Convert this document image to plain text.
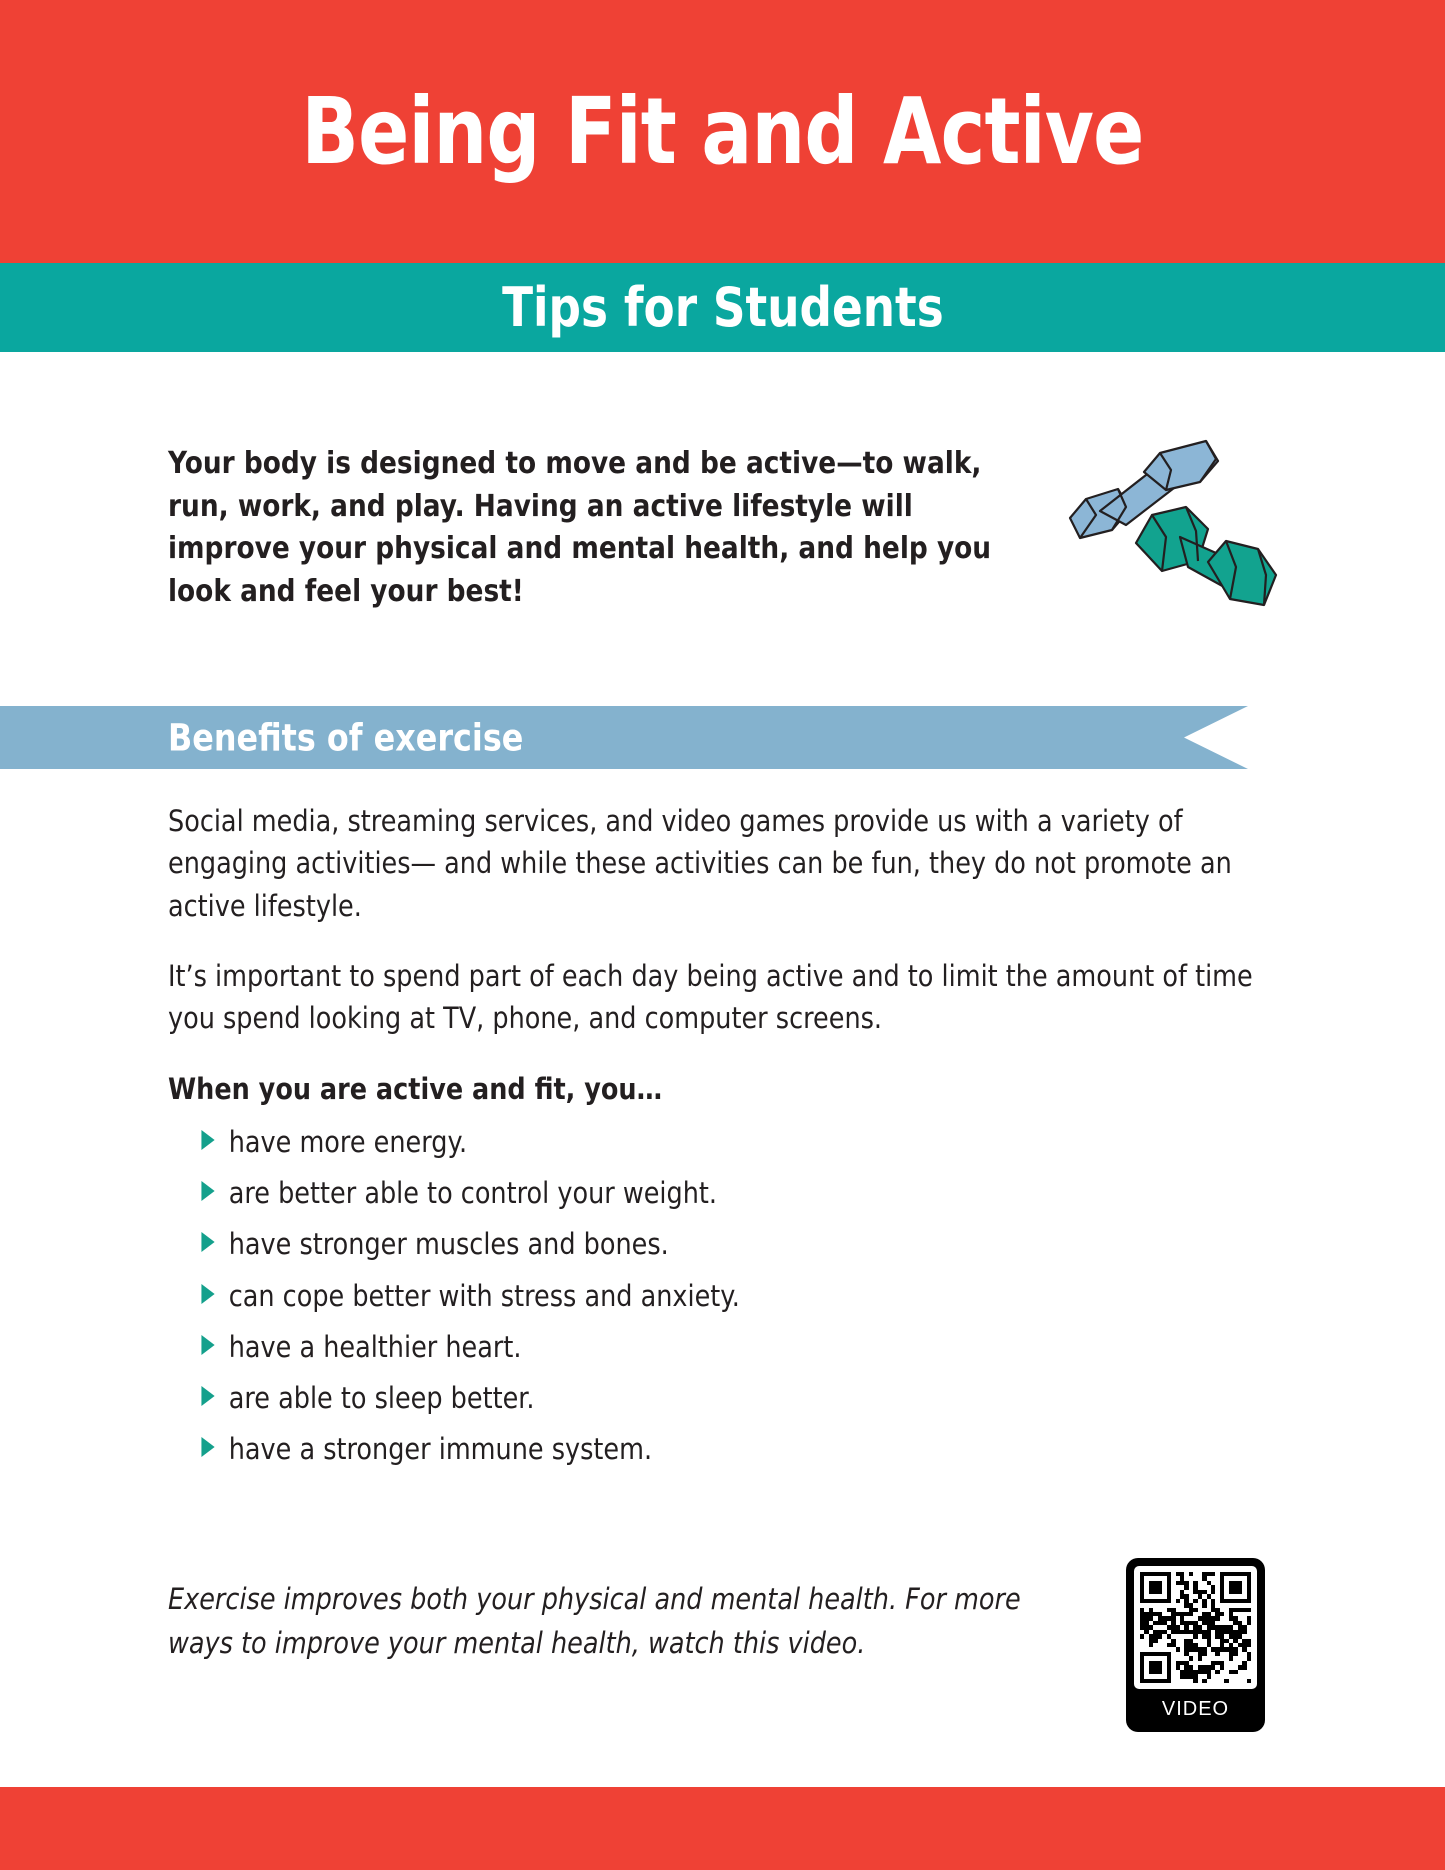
Being Fit and Active
Tips for Students
Your body is designed to move and be active—to walk, run, work, and play. Having an active lifestyle will improve your physical and mental health, and help you look and feel your best!
Benefits of exercise

Social media, streaming services, and video games provide us with a variety of engaging activities— and while these activities can be fun, they do not promote an active lifestyle.

It’s important to spend part of each day being active and to limit the amount of time you spend looking at TV, phone, and computer screens.

When you are active and fit, you…

have more energy.
are better able to control your weight.
have stronger muscles and bones.
can cope better with stress and anxiety.
have a healthier heart.
are able to sleep better.
have a stronger immune system.
Exercise improves both your physical and mental health. For more ways to improve your mental health, watch this video.
VIDEO
